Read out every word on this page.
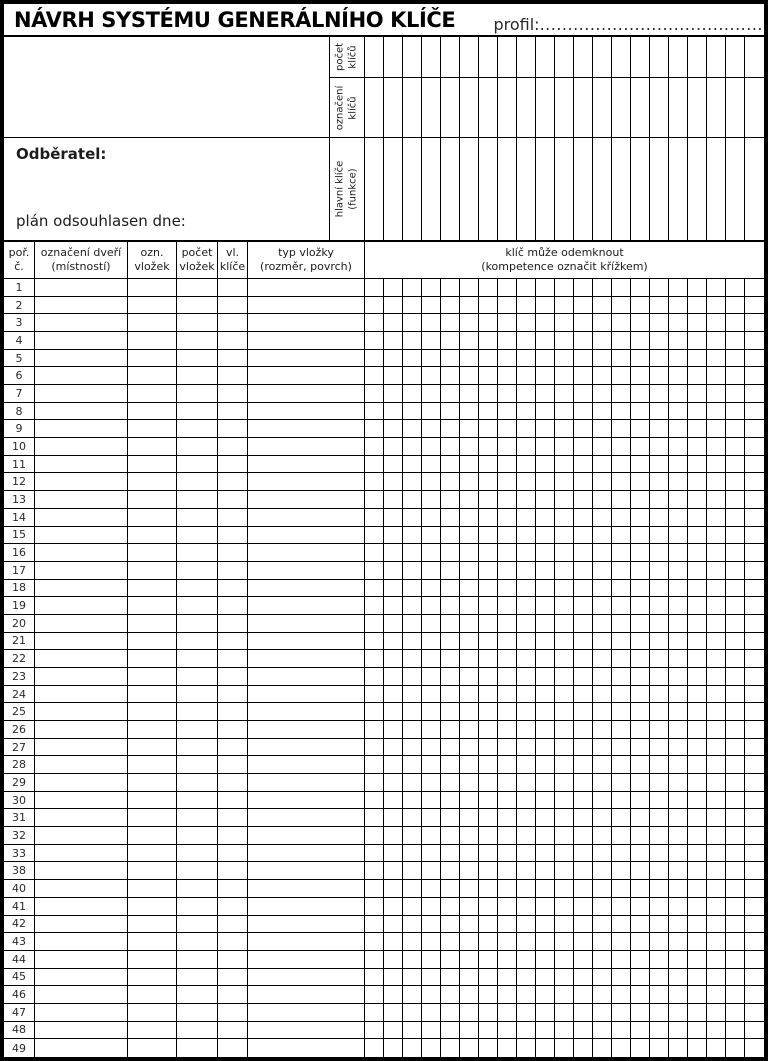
NÁVRH SYSTÉMU GENERÁLNÍHO KLÍČE profil: ........................................
Odběratel:
plán odsouhlasen dne:
počet klíčů
označení klíčů
hlavní klíče (funkce)
poř.
č.
označení dveří
(místností)
ozn.
vložek
počet
vložek
vl.
klíče
typ vložky
(rozměr, povrch)
klíč může odemknout
(kompetence označit křížkem)
1
2
3
4
5
6
7
8
9
10
11
12
13
14
15
16
17
18
19
20
21
22
23
24
25
26
27
28
29
30
31
32
33
38
40
41
42
43
44
45
46
47
48
49
